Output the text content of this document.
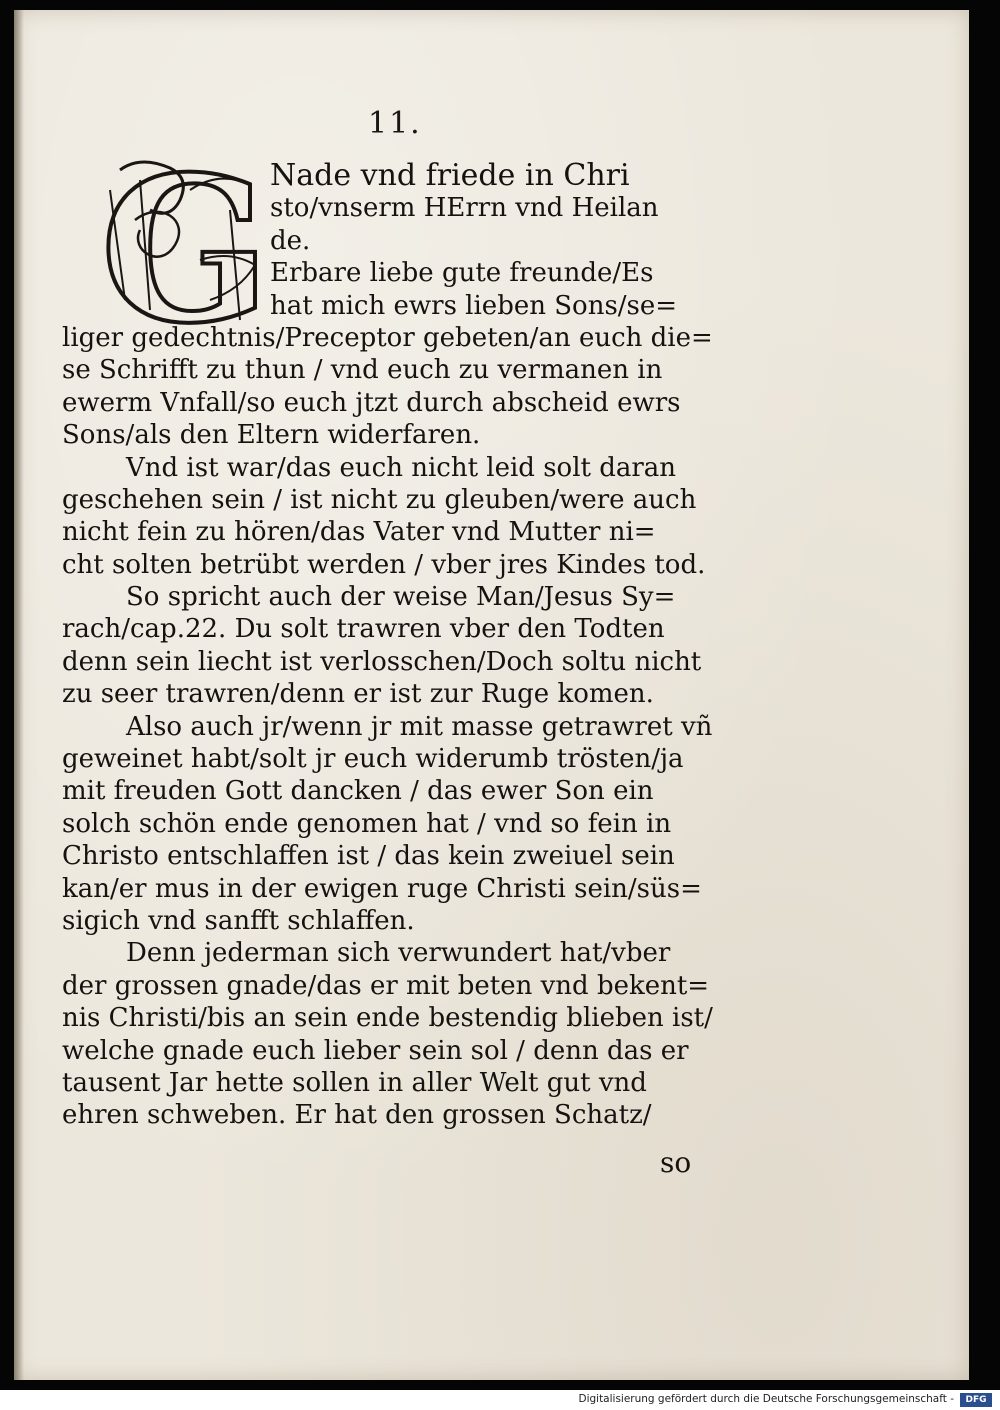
11.
G Nade vnd friede in Chri
sto/vnserm HErrn vnd Heilan
de.
Erbare liebe gute freunde/Es
hat mich ewrs lieben Sons/se=
liger gedechtnis/Preceptor gebeten/an euch die=
se Schrifft zu thun / vnd euch zu vermanen in
ewerm Vnfall/so euch jtzt durch abscheid ewrs
Sons/als den Eltern widerfaren.
Vnd ist war/das euch nicht leid solt daran
geschehen sein / ist nicht zu gleuben/were auch
nicht fein zu hören/das Vater vnd Mutter ni=
cht solten betrübt werden / vber jres Kindes tod.
So spricht auch der weise Man/Jesus Sy=
rach/cap.22. Du solt trawren vber den Todten
denn sein liecht ist verlosschen/Doch soltu nicht
zu seer trawren/denn er ist zur Ruge komen.
Also auch jr/wenn jr mit masse getrawret vñ
geweinet habt/solt jr euch widerumb trösten/ja
mit freuden Gott dancken / das ewer Son ein
solch schön ende genomen hat / vnd so fein in
Christo entschlaffen ist / das kein zweiuel sein
kan/er mus in der ewigen ruge Christi sein/süs=
sigich vnd sanfft schlaffen.
Denn jederman sich verwundert hat/vber
der grossen gnade/das er mit beten vnd bekent=
nis Christi/bis an sein ende bestendig blieben ist/
welche gnade euch lieber sein sol / denn das er
tausent Jar hette sollen in aller Welt gut vnd
ehren schweben. Er hat den grossen Schatz/
so
Digitalisierung gefördert durch die Deutsche Forschungsgemeinschaft -	DFG
